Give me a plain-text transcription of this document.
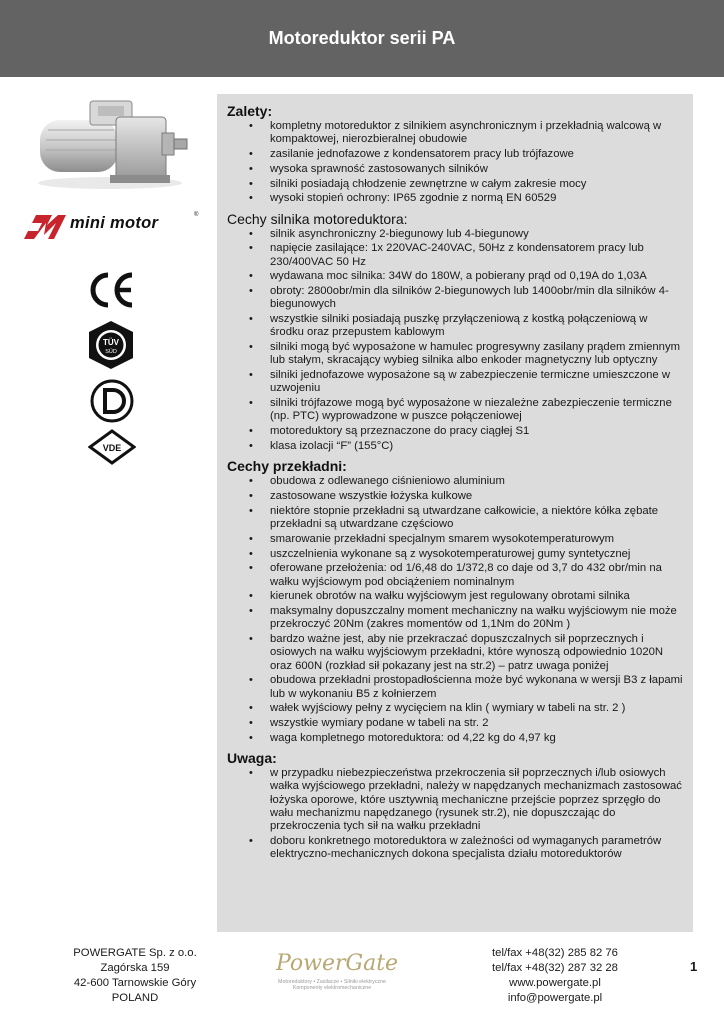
Motoreduktor serii PA
mini motor	®
TÜV
SÜD
VDE
Zalety:
• kompletny motoreduktor z silnikiem asynchronicznym i przekładnią walcową w kompaktowej, nierozbieralnej obudowie
• zasilanie jednofazowe z kondensatorem pracy lub trójfazowe
• wysoka sprawność zastosowanych silników
• silniki posiadają chłodzenie zewnętrzne w całym zakresie mocy
• wysoki stopień ochrony: IP65 zgodnie z normą EN 60529
Cechy silnika motoreduktora:
• silnik asynchroniczny 2-biegunowy lub 4-biegunowy
• napięcie zasilające: 1x 220VAC-240VAC, 50Hz z kondensatorem pracy lub 230/400VAC 50 Hz
• wydawana moc silnika: 34W do 180W, a pobierany prąd od 0,19A do 1,03A
• obroty: 2800obr/min dla silników 2-biegunowych lub 1400obr/min dla silników 4-biegunowych
• wszystkie silniki posiadają puszkę przyłączeniową z kostką połączeniową w środku oraz przepustem kablowym
• silniki mogą być wyposażone w hamulec progresywny zasilany prądem zmiennym lub stałym, skracający wybieg silnika albo enkoder magnetyczny lub optyczny
• silniki jednofazowe wyposażone są w zabezpieczenie termiczne umieszczone w uzwojeniu
• silniki trójfazowe mogą być wyposażone w niezależne zabezpieczenie termiczne (np. PTC) wyprowadzone w puszce połączeniowej
• motoreduktory są przeznaczone do pracy ciągłej S1
• klasa izolacji “F” (155°C)
Cechy przekładni:
• obudowa z odlewanego ciśnieniowo aluminium
• zastosowane wszystkie łożyska kulkowe
• niektóre stopnie przekładni są utwardzane całkowicie, a niektóre kółka zębate przekładni są utwardzane częściowo
• smarowanie przekładni specjalnym smarem wysokotemperaturowym
• uszczelnienia wykonane są z wysokotemperaturowej gumy syntetycznej
• oferowane przełożenia: od 1/6,48 do 1/372,8 co daje od 3,7 do 432 obr/min na wałku wyjściowym pod obciążeniem nominalnym
• kierunek obrotów na wałku wyjściowym jest regulowany obrotami silnika
• maksymalny dopuszczalny moment mechaniczny na wałku wyjściowym nie może przekroczyć 20Nm (zakres momentów od 1,1Nm do 20Nm )
• bardzo ważne jest, aby nie przekraczać dopuszczalnych sił poprzecznych i osiowych na wałku wyjściowym przekładni, które wynoszą odpowiednio 1020N oraz 600N (rozkład sił pokazany jest na str.2) – patrz uwaga poniżej
• obudowa przekładni prostopadłościenna może być wykonana w wersji B3 z łapami lub w wykonaniu B5 z kołnierzem
• wałek wyjściowy pełny z wycięciem na klin ( wymiary w tabeli na str. 2 )
• wszystkie wymiary podane w tabeli na str. 2
• waga kompletnego motoreduktora: od 4,22 kg do 4,97 kg
Uwaga:
• w przypadku niebezpieczeństwa przekroczenia sił poprzecznych i/lub osiowych wałka wyjściowego przekładni, należy w napędzanych mechanizmach zastosować łożyska oporowe, które usztywnią mechaniczne przejście poprzez sprzęgło do wału mechanizmu napędzanego (rysunek str.2), nie dopuszczając do przekroczenia tych sił na wałku przekładni
• doboru konkretnego motoreduktora w zależności od wymaganych parametrów elektryczno-mechanicznych dokona specjalista działu motoreduktorów
POWERGATE Sp. z o.o.
Zagórska 159
42-600 Tarnowskie Góry
POLAND
PowerGate
Motoreduktory • Zasilacze • Silniki elektryczne
Komponenty elektromechaniczne
tel/fax +48(32) 285 82 76
tel/fax +48(32) 287 32 28
www.powergate.pl
info@powergate.pl
1
